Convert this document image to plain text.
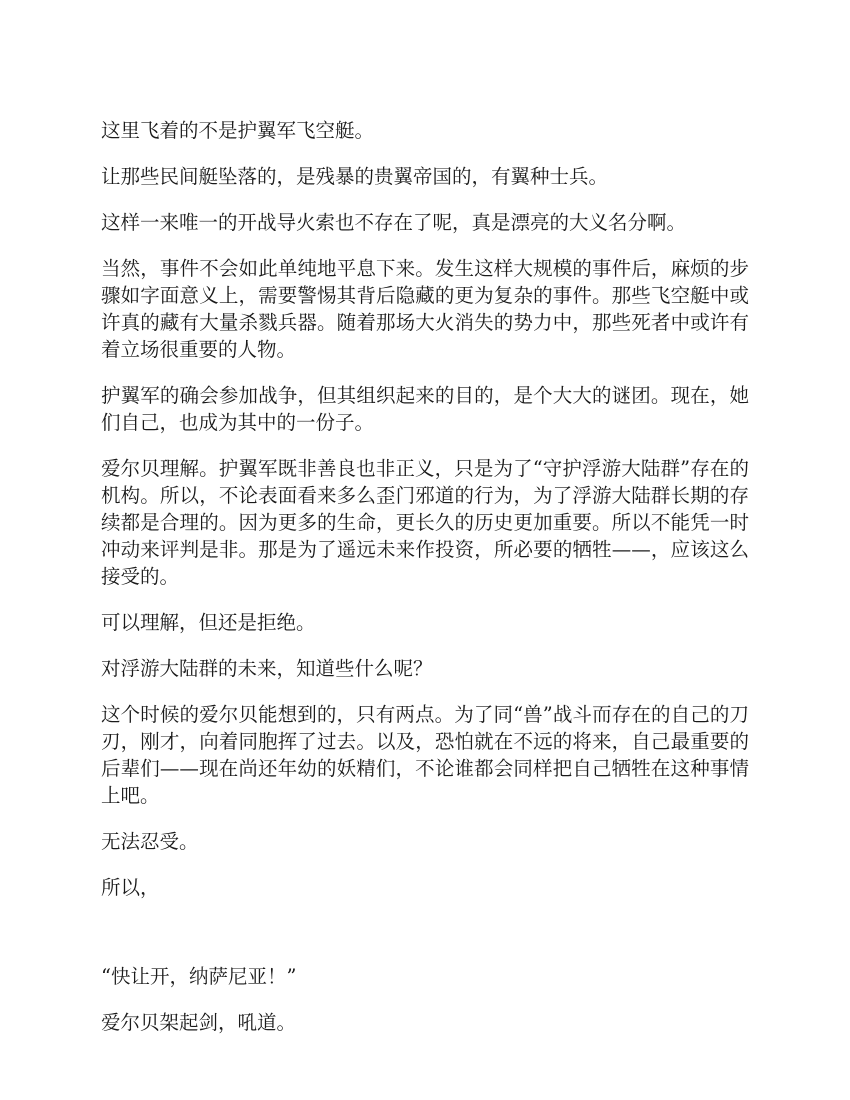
这里飞着的不是护翼军飞空艇。

让那些民间艇坠落的，是残暴的贵翼帝国的，有翼种士兵。

这样一来唯一的开战导火索也不存在了呢，真是漂亮的大义名分啊。

当然，事件不会如此单纯地平息下来。发生这样大规模的事件后，麻烦的步骤如字面意义上，需要警惕其背后隐藏的更为复杂的事件。那些飞空艇中或许真的藏有大量杀戮兵器。随着那场大火消失的势力中，那些死者中或许有着立场很重要的人物。

护翼军的确会参加战争，但其组织起来的目的，是个大大的谜团。现在，她们自己，也成为其中的一份子。

爱尔贝理解。护翼军既非善良也非正义，只是为了“守护浮游大陆群”存在的机构。所以，不论表面看来多么歪门邪道的行为，为了浮游大陆群长期的存续都是合理的。因为更多的生命，更长久的历史更加重要。所以不能凭一时冲动来评判是非。那是为了遥远未来作投资，所必要的牺牲——，应该这么接受的。

可以理解，但还是拒绝。

对浮游大陆群的未来，知道些什么呢？

这个时候的爱尔贝能想到的，只有两点。为了同“兽”战斗而存在的自己的刀刃，刚才，向着同胞挥了过去。以及，恐怕就在不远的将来，自己最重要的后辈们——现在尚还年幼的妖精们，不论谁都会同样把自己牺牲在这种事情上吧。

无法忍受。

所以，

“快让开，纳萨尼亚！”

爱尔贝架起剑，吼道。
